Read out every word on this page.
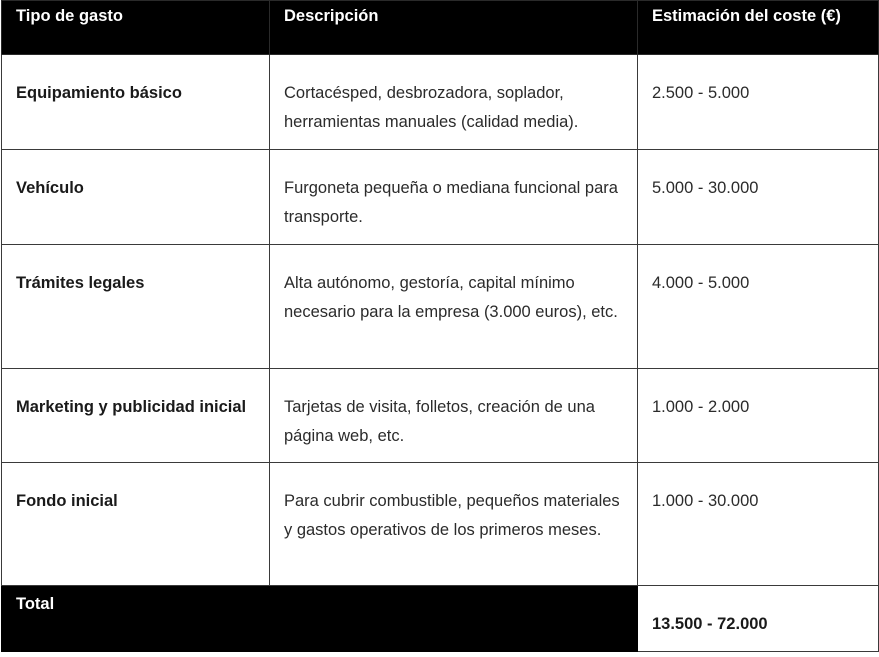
Tipo de gasto	Descripción	Estimación del coste (€)
Equipamiento básico	Cortacésped, desbrozadora, soplador, herramientas manuales (calidad media).	2.500 - 5.000
Vehículo	Furgoneta pequeña o mediana funcional para transporte.	5.000 - 30.000
Trámites legales	Alta autónomo, gestoría, capital mínimo necesario para la empresa (3.000 euros), etc.	4.000 - 5.000
Marketing y publicidad inicial	Tarjetas de visita, folletos, creación de una página web, etc.	1.000 - 2.000
Fondo inicial	Para cubrir combustible, pequeños materiales y gastos operativos de los primeros meses.	1.000 - 30.000
Total		13.500 - 72.000
